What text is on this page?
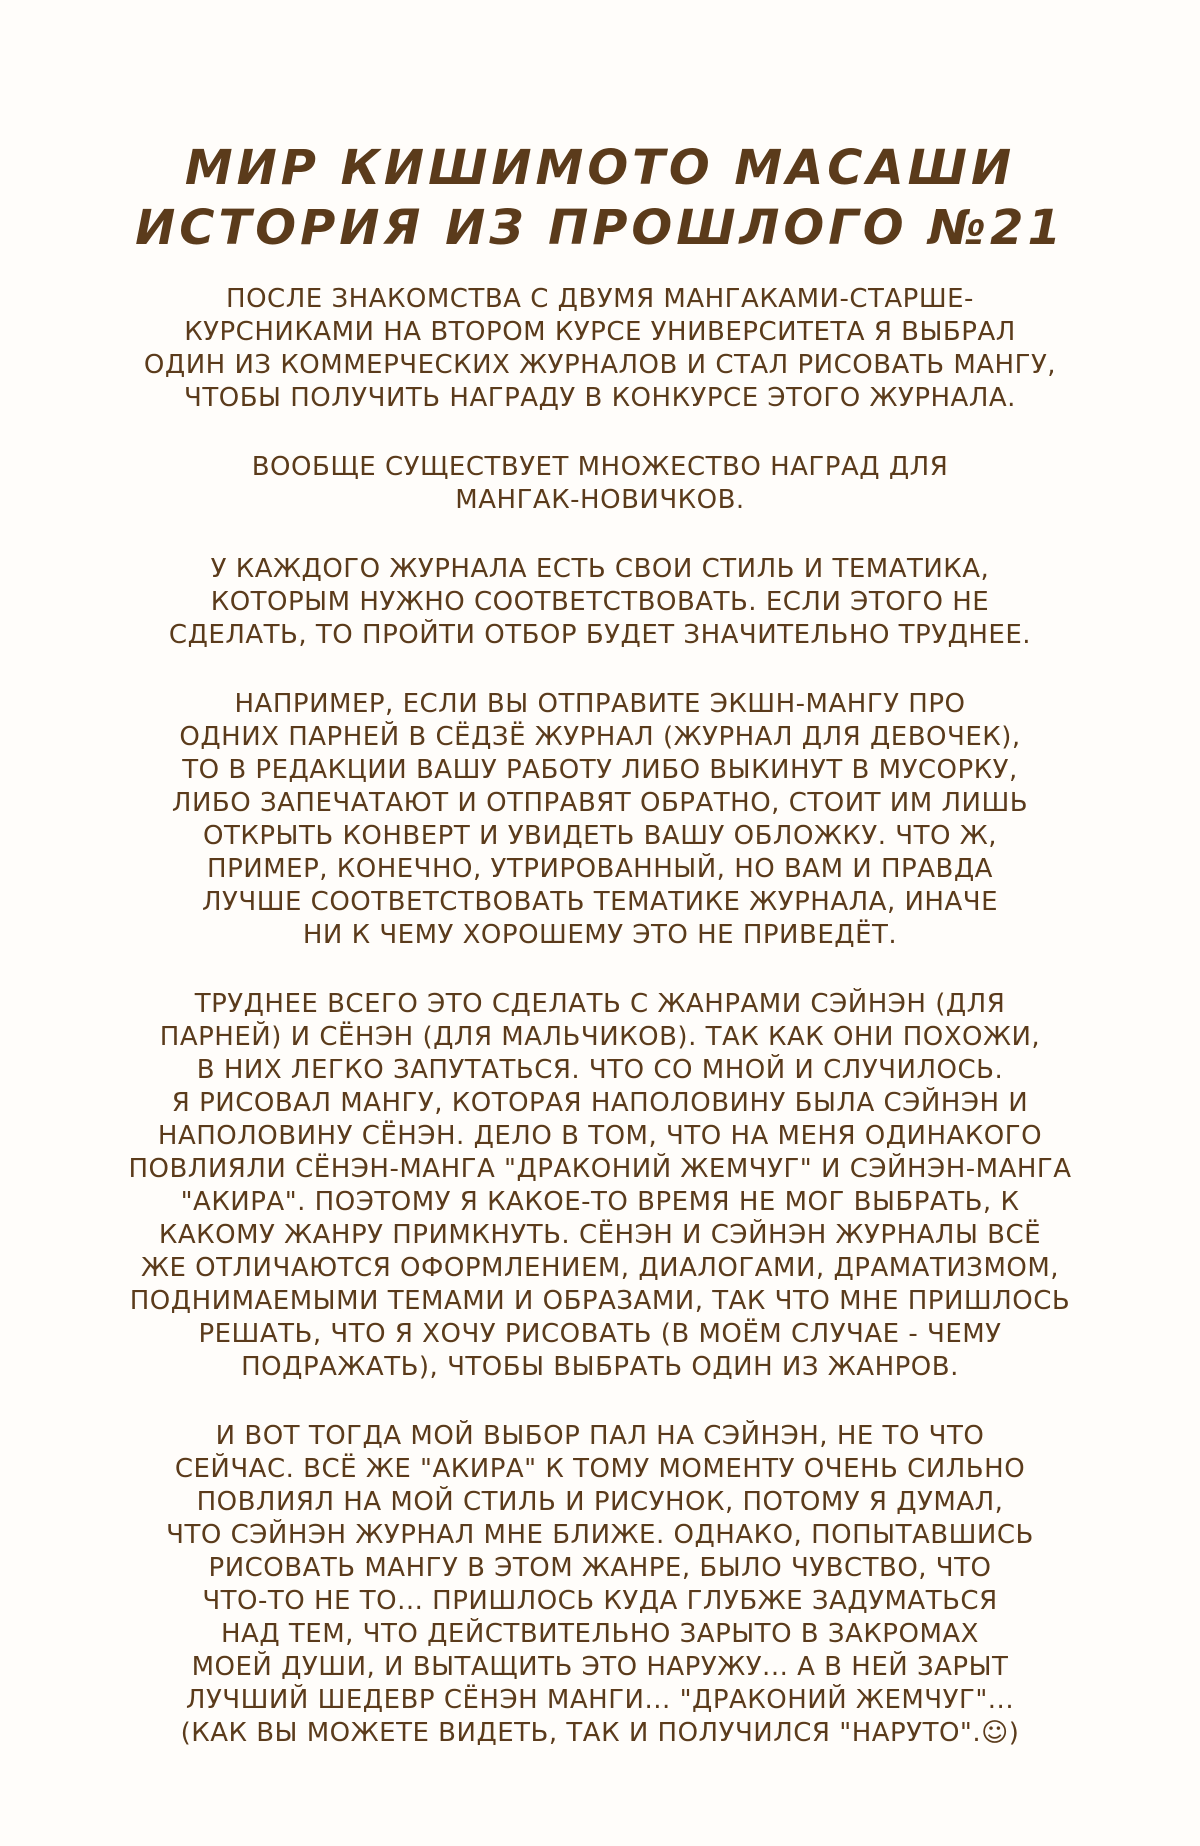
МИР КИШИМОТО МАСАШИ
ИСТОРИЯ ИЗ ПРОШЛОГО №21
ПОСЛЕ ЗНАКОМСТВА С ДВУМЯ МАНГАКАМИ-СТАРШЕ-
КУРСНИКАМИ НА ВТОРОМ КУРСЕ УНИВЕРСИТЕТА Я ВЫБРАЛ
ОДИН ИЗ КОММЕРЧЕСКИХ ЖУРНАЛОВ И СТАЛ РИСОВАТЬ МАНГУ,
ЧТОБЫ ПОЛУЧИТЬ НАГРАДУ В КОНКУРСЕ ЭТОГО ЖУРНАЛА.
ВООБЩЕ СУЩЕСТВУЕТ МНОЖЕСТВО НАГРАД ДЛЯ
МАНГАК-НОВИЧКОВ.
У КАЖДОГО ЖУРНАЛА ЕСТЬ СВОИ СТИЛЬ И ТЕМАТИКА,
КОТОРЫМ НУЖНО СООТВЕТСТВОВАТЬ. ЕСЛИ ЭТОГО НЕ
СДЕЛАТЬ, ТО ПРОЙТИ ОТБОР БУДЕТ ЗНАЧИТЕЛЬНО ТРУДНЕЕ.
НАПРИМЕР, ЕСЛИ ВЫ ОТПРАВИТЕ ЭКШН-МАНГУ ПРО
ОДНИХ ПАРНЕЙ В СЁДЗЁ ЖУРНАЛ (ЖУРНАЛ ДЛЯ ДЕВОЧЕК),
ТО В РЕДАКЦИИ ВАШУ РАБОТУ ЛИБО ВЫКИНУТ В МУСОРКУ,
ЛИБО ЗАПЕЧАТАЮТ И ОТПРАВЯТ ОБРАТНО, СТОИТ ИМ ЛИШЬ
ОТКРЫТЬ КОНВЕРТ И УВИДЕТЬ ВАШУ ОБЛОЖКУ. ЧТО Ж,
ПРИМЕР, КОНЕЧНО, УТРИРОВАННЫЙ, НО ВАМ И ПРАВДА
ЛУЧШЕ СООТВЕТСТВОВАТЬ ТЕМАТИКЕ ЖУРНАЛА, ИНАЧЕ
НИ К ЧЕМУ ХОРОШЕМУ ЭТО НЕ ПРИВЕДЁТ.
ТРУДНЕЕ ВСЕГО ЭТО СДЕЛАТЬ С ЖАНРАМИ СЭЙНЭН (ДЛЯ
ПАРНЕЙ) И СЁНЭН (ДЛЯ МАЛЬЧИКОВ). ТАК КАК ОНИ ПОХОЖИ,
В НИХ ЛЕГКО ЗАПУТАТЬСЯ. ЧТО СО МНОЙ И СЛУЧИЛОСЬ.
Я РИСОВАЛ МАНГУ, КОТОРАЯ НАПОЛОВИНУ БЫЛА СЭЙНЭН И
НАПОЛОВИНУ СЁНЭН. ДЕЛО В ТОМ, ЧТО НА МЕНЯ ОДИНАКОГО
ПОВЛИЯЛИ СЁНЭН-МАНГА "ДРАКОНИЙ ЖЕМЧУГ" И СЭЙНЭН-МАНГА
"АКИРА". ПОЭТОМУ Я КАКОЕ-ТО ВРЕМЯ НЕ МОГ ВЫБРАТЬ, К
КАКОМУ ЖАНРУ ПРИМКНУТЬ. СЁНЭН И СЭЙНЭН ЖУРНАЛЫ ВСЁ
ЖЕ ОТЛИЧАЮТСЯ ОФОРМЛЕНИЕМ, ДИАЛОГАМИ, ДРАМАТИЗМОМ,
ПОДНИМАЕМЫМИ ТЕМАМИ И ОБРАЗАМИ, ТАК ЧТО МНЕ ПРИШЛОСЬ
РЕШАТЬ, ЧТО Я ХОЧУ РИСОВАТЬ (В МОЁМ СЛУЧАЕ - ЧЕМУ
ПОДРАЖАТЬ), ЧТОБЫ ВЫБРАТЬ ОДИН ИЗ ЖАНРОВ.
И ВОТ ТОГДА МОЙ ВЫБОР ПАЛ НА СЭЙНЭН, НЕ ТО ЧТО
СЕЙЧАС. ВСЁ ЖЕ "АКИРА" К ТОМУ МОМЕНТУ ОЧЕНЬ СИЛЬНО
ПОВЛИЯЛ НА МОЙ СТИЛЬ И РИСУНОК, ПОТОМУ Я ДУМАЛ,
ЧТО СЭЙНЭН ЖУРНАЛ МНЕ БЛИЖЕ. ОДНАКО, ПОПЫТАВШИСЬ
РИСОВАТЬ МАНГУ В ЭТОМ ЖАНРЕ, БЫЛО ЧУВСТВО, ЧТО
ЧТО-ТО НЕ ТО... ПРИШЛОСЬ КУДА ГЛУБЖЕ ЗАДУМАТЬСЯ
НАД ТЕМ, ЧТО ДЕЙСТВИТЕЛЬНО ЗАРЫТО В ЗАКРОМАХ
МОЕЙ ДУШИ, И ВЫТАЩИТЬ ЭТО НАРУЖУ... А В НЕЙ ЗАРЫТ
ЛУЧШИЙ ШЕДЕВР СЁНЭН МАНГИ... "ДРАКОНИЙ ЖЕМЧУГ"...
(КАК ВЫ МОЖЕТЕ ВИДЕТЬ, ТАК И ПОЛУЧИЛСЯ "НАРУТО".☺)
